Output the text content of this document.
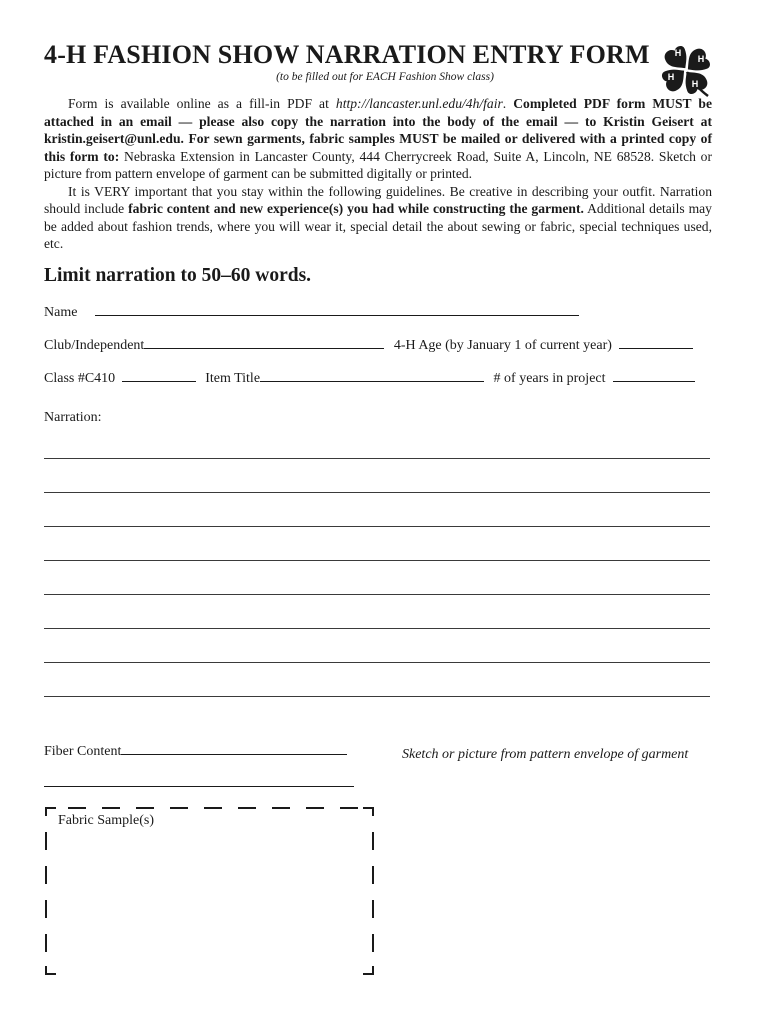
4-H FASHION SHOW NARRATION ENTRY FORM
(to be filled out for EACH Fashion Show class)
H
H
H
H

Form is available online as a fill-in PDF at http://lancaster.unl.edu/4h/fair. Completed PDF form MUST be attached in an email — please also copy the narration into the body of the email — to Kristin Geisert at kristin.geisert@unl.edu. For sewn garments, fabric samples MUST be mailed or delivered with a printed copy of this form to: Nebraska Extension in Lancaster County, 444 Cherrycreek Road, Suite A, Lincoln, NE 68528. Sketch or picture from pattern envelope of garment can be submitted digitally or printed.

It is VERY important that you stay within the following guidelines. Be creative in describing your outfit. Narration should include fabric content and new experience(s) you had while constructing the garment. Additional details may be added about fashion trends, where you will wear it, special detail the about sewing or fabric, special techniques used, etc.

Limit narration to 50–60 words.
Name
Club/Independent	4-H Age (by January 1 of current year)
Class #C410	Item Title	# of years in project
Narration:
Fiber Content	Sketch or picture from pattern envelope of garment
Fabric Sample(s)
